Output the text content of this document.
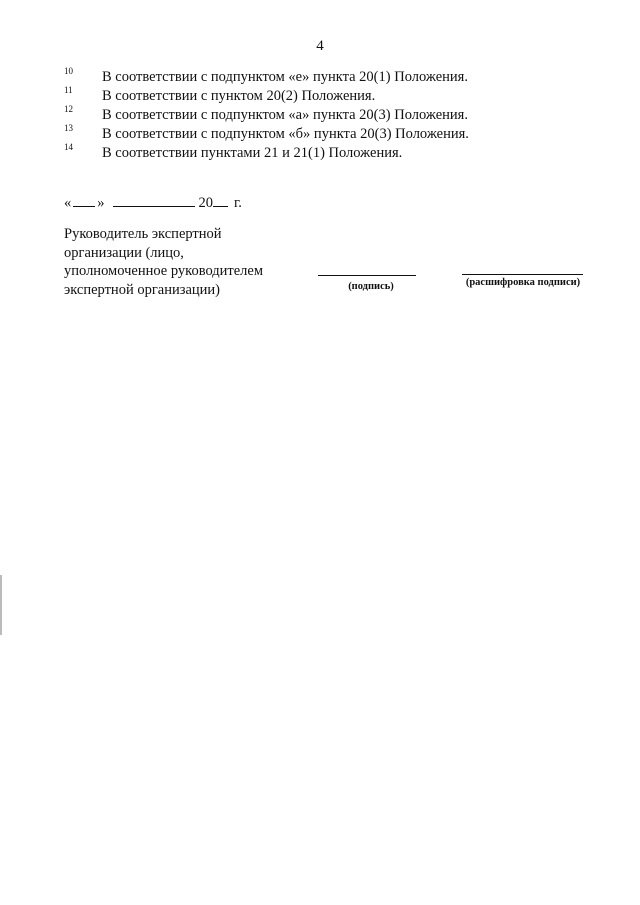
4
10 В соответствии с подпунктом «е» пункта 20(1) Положения.
11 В соответствии с пунктом 20(2) Положения.
12 В соответствии с подпунктом «а» пункта 20(3) Положения.
13 В соответствии с подпунктом «б» пункта 20(3) Положения.
14 В соответствии пунктами 21 и 21(1) Положения.
« »	20 г.
Руководитель экспертной
организации (лицо,
уполномоченное руководителем
экспертной организации)	(подпись)	(расшифровка подписи)
